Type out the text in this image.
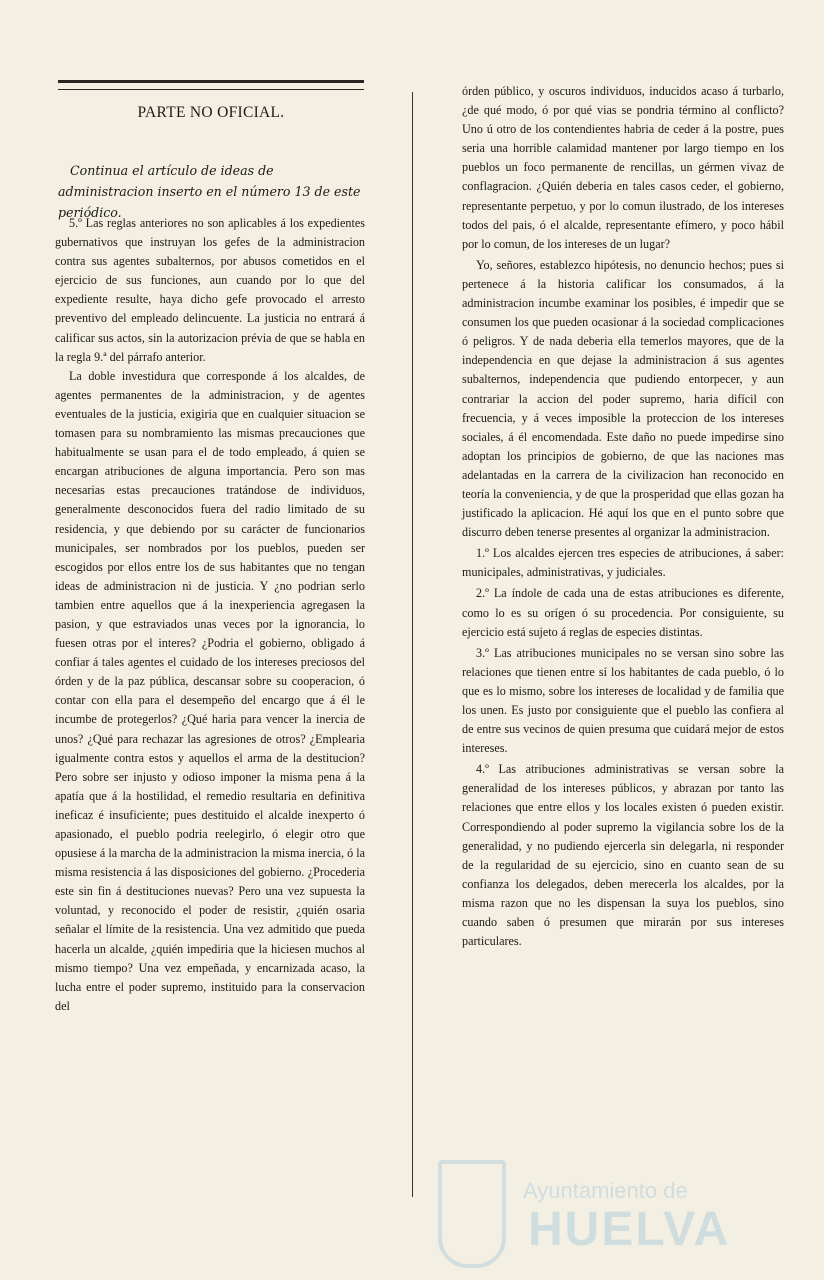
PARTE NO OFICIAL.
Continua el artículo de ideas de administracion inserto en el número 13 de este periódico.

5.º Las reglas anteriores no son aplicables á los expedientes gubernativos que instruyan los gefes de la administracion contra sus agentes subalternos, por abusos cometidos en el ejercicio de sus funciones, aun cuando por lo que del expediente resulte, haya dicho gefe provocado el arresto preventivo del empleado delincuente. La justicia no entrará á calificar sus actos, sin la autorizacion prévia de que se habla en la regla 9.ª del párrafo anterior.

La doble investidura que corresponde á los alcaldes, de agentes permanentes de la administracion, y de agentes eventuales de la justicia, exigiria que en cualquier situacion se tomasen para su nombramiento las mismas precauciones que habitualmente se usan para el de todo empleado, á quien se encargan atribuciones de alguna importancia. Pero son mas necesarias estas precauciones tratándose de individuos, generalmente desconocidos fuera del radio limitado de su residencia, y que debiendo por su carácter de funcionarios municipales, ser nombrados por los pueblos, pueden ser escogidos por ellos entre los de sus habitantes que no tengan ideas de administracion ni de justicia. Y ¿no podrian serlo tambien entre aquellos que á la inexperiencia agregasen la pasion, y que estraviados unas veces por la ignorancia, lo fuesen otras por el interes? ¿Podria el gobierno, obligado á confiar á tales agentes el cuidado de los intereses preciosos del órden y de la paz pública, descansar sobre su cooperacion, ó contar con ella para el desempeño del encargo que á él le incumbe de protegerlos? ¿Qué haria para vencer la inercia de unos? ¿Qué para rechazar las agresiones de otros? ¿Emplearia igualmente contra estos y aquellos el arma de la destitucion? Pero sobre ser injusto y odioso imponer la misma pena á la apatía que á la hostilidad, el remedio resultaria en definitiva ineficaz é insuficiente; pues destituido el alcalde inexperto ó apasionado, el pueblo podria reelegirlo, ó elegir otro que opusiese á la marcha de la administracion la misma inercia, ó la misma resistencia á las disposiciones del gobierno. ¿Procederia este sin fin á destituciones nuevas? Pero una vez supuesta la voluntad, y reconocido el poder de resistir, ¿quién osaria señalar el límite de la resistencia. Una vez admitido que pueda hacerla un alcalde, ¿quién impediria que la hiciesen muchos al mismo tiempo? Una vez empeñada, y encarnizada acaso, la lucha entre el poder supremo, instituido para la conservacion del

órden público, y oscuros individuos, inducidos acaso á turbarlo, ¿de qué modo, ó por qué vias se pondria término al conflicto? Uno ú otro de los contendientes habria de ceder á la postre, pues seria una horrible calamidad mantener por largo tiempo en los pueblos un foco permanente de rencillas, un gérmen vivaz de conflagracion. ¿Quién deberia en tales casos ceder, el gobierno, representante perpetuo, y por lo comun ilustrado, de los intereses todos del pais, ó el alcalde, representante efímero, y poco hábil por lo comun, de los intereses de un lugar?

Yo, señores, establezco hipótesis, no denuncio hechos; pues si pertenece á la historia calificar los consumados, á la administracion incumbe examinar los posibles, é impedir que se consumen los que pueden ocasionar á la sociedad complicaciones ó peligros. Y de nada deberia ella temerlos mayores, que de la independencia en que dejase la administracion á sus agentes subalternos, independencia que pudiendo entorpecer, y aun contrariar la accion del poder supremo, haria difícil con frecuencia, y á veces imposible la proteccion de los intereses sociales, á él encomendada. Este daño no puede impedirse sino adoptan los principios de gobierno, de que las naciones mas adelantadas en la carrera de la civilizacion han reconocido en teoría la conveniencia, y de que la prosperidad que ellas gozan ha justificado la aplicacion. Hé aquí los que en el punto sobre que discurro deben tenerse presentes al organizar la administracion.

1.º Los alcaldes ejercen tres especies de atribuciones, á saber: municipales, administrativas, y judiciales.

2.º La índole de cada una de estas atribuciones es diferente, como lo es su orígen ó su procedencia. Por consiguiente, su ejercicio está sujeto á reglas de especies distintas.

3.º Las atribuciones municipales no se versan sino sobre las relaciones que tienen entre sí los habitantes de cada pueblo, ó lo que es lo mismo, sobre los intereses de localidad y de familia que los unen. Es justo por consiguiente que el pueblo las confiera al de entre sus vecinos de quien presuma que cuidará mejor de estos intereses.

4.º Las atribuciones administrativas se versan sobre la generalidad de los intereses públicos, y abrazan por tanto las relaciones que entre ellos y los locales existen ó pueden existir. Correspondiendo al poder supremo la vigilancia sobre los de la generalidad, y no pudiendo ejercerla sin delegarla, ni responder de la regularidad de su ejercicio, sino en cuanto sean de su confianza los delegados, deben merecerla los alcaldes, por la misma razon que no les dispensan la suya los pueblos, sino cuando saben ó presumen que mirarán por sus intereses particulares.

Ayuntamiento de
HUELVA
